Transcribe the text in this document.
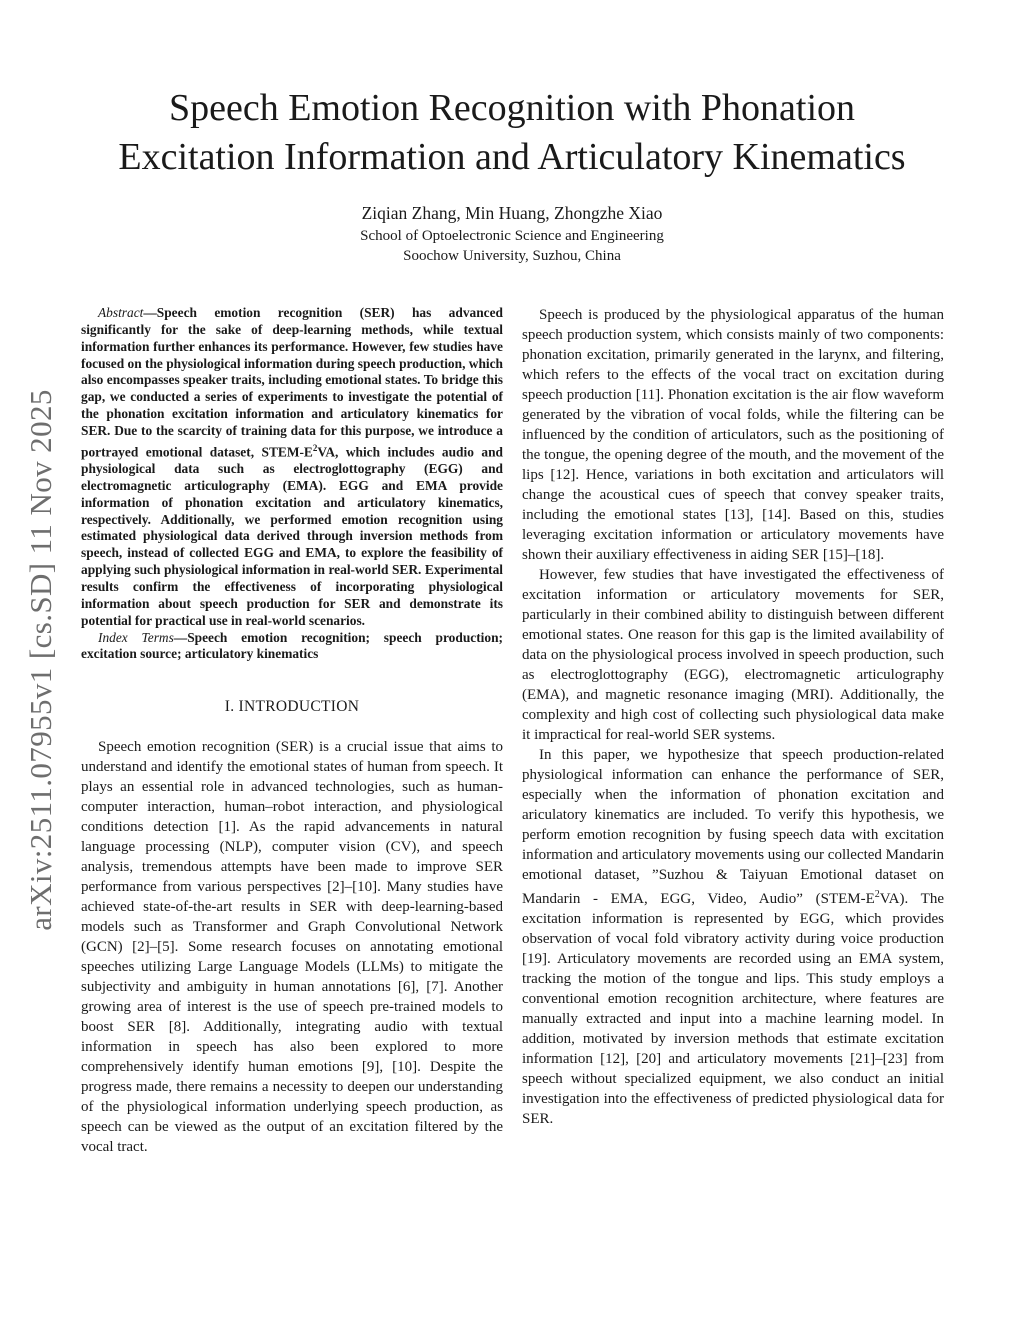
Speech Emotion Recognition with Phonation
Excitation Information and Articulatory Kinematics
Ziqian Zhang, Min Huang, Zhongzhe Xiao
School of Optoelectronic Science and Engineering
Soochow University, Suzhou, China
arXiv:2511.07955v1 [cs.SD] 11 Nov 2025

Abstract—Speech emotion recognition (SER) has advanced significantly for the sake of deep-learning methods, while textual information further enhances its performance. However, few studies have focused on the physiological information during speech production, which also encompasses speaker traits, including emotional states. To bridge this gap, we conducted a series of experiments to investigate the potential of the phonation excitation information and articulatory kinematics for SER. Due to the scarcity of training data for this purpose, we introduce a portrayed emotional dataset, STEM-$E^2VA$, which includes audio and physiological data such as electroglottography (EGG) and electromagnetic articulography (EMA). EGG and EMA provide information of phonation excitation and articulatory kinematics, respectively. Additionally, we performed emotion recognition using estimated physiological data derived through inversion methods from speech, instead of collected EGG and EMA, to explore the feasibility of applying such physiological information in real-world SER. Experimental results confirm the effectiveness of incorporating physiological information about speech production for SER and demonstrate its potential for practical use in real-world scenarios.

Index Terms—Speech emotion recognition; speech production; excitation source; articulatory kinematics

I. INTRODUCTION

Speech emotion recognition (SER) is a crucial issue that aims to understand and identify the emotional states of human from speech. It plays an essential role in advanced technologies, such as human-computer interaction, human–robot interaction, and physiological conditions detection [1]. As the rapid advancements in natural language processing (NLP), computer vision (CV), and speech analysis, tremendous attempts have been made to improve SER performance from various perspectives [2]–[10]. Many studies have achieved state-of-the-art results in SER with deep-learning-based models such as Transformer and Graph Convolutional Network (GCN) [2]–[5]. Some research focuses on annotating emotional speeches utilizing Large Language Models (LLMs) to mitigate the subjectivity and ambiguity in human annotations [6], [7]. Another growing area of interest is the use of speech pre-trained models to boost SER [8]. Additionally, integrating audio with textual information in speech has also been explored to more comprehensively identify human emotions [9], [10]. Despite the progress made, there remains a necessity to deepen our understanding of the physiological information underlying speech production, as speech can be viewed as the output of an excitation filtered by the vocal tract.

Speech is produced by the physiological apparatus of the human speech production system, which consists mainly of two components: phonation excitation, primarily generated in the larynx, and filtering, which refers to the effects of the vocal tract on excitation during speech production [11]. Phonation excitation is the air flow waveform generated by the vibration of vocal folds, while the filtering can be influenced by the condition of articulators, such as the positioning of the tongue, the opening degree of the mouth, and the movement of the lips [12]. Hence, variations in both excitation and articulators will change the acoustical cues of speech that convey speaker traits, including the emotional states [13], [14]. Based on this, studies leveraging excitation information or articulatory movements have shown their auxiliary effectiveness in aiding SER [15]–[18].

However, few studies that have investigated the effectiveness of excitation information or articulatory movements for SER, particularly in their combined ability to distinguish between different emotional states. One reason for this gap is the limited availability of data on the physiological process involved in speech production, such as electroglottography (EGG), electromagnetic articulography (EMA), and magnetic resonance imaging (MRI). Additionally, the complexity and high cost of collecting such physiological data make it impractical for real-world SER systems.

In this paper, we hypothesize that speech production-related physiological information can enhance the performance of SER, especially when the information of phonation excitation and ariculatory kinematics are included. To verify this hypothesis, we perform emotion recognition by fusing speech data with excitation information and articulatory movements using our collected Mandarin emotional dataset, ”Suzhou & Taiyuan Emotional dataset on Mandarin - EMA, EGG, Video, Audio” $(STEM-E^2VA)$. The excitation information is represented by EGG, which provides observation of vocal fold vibratory activity during voice production [19]. Articulatory movements are recorded using an EMA system, tracking the motion of the tongue and lips. This study employs a conventional emotion recognition architecture, where features are manually extracted and input into a machine learning model. In addition, motivated by inversion methods that estimate excitation information [12], [20] and articulatory movements [21]–[23] from speech without specialized equipment, we also conduct an initial investigation into the effectiveness of predicted physiological data for SER.
